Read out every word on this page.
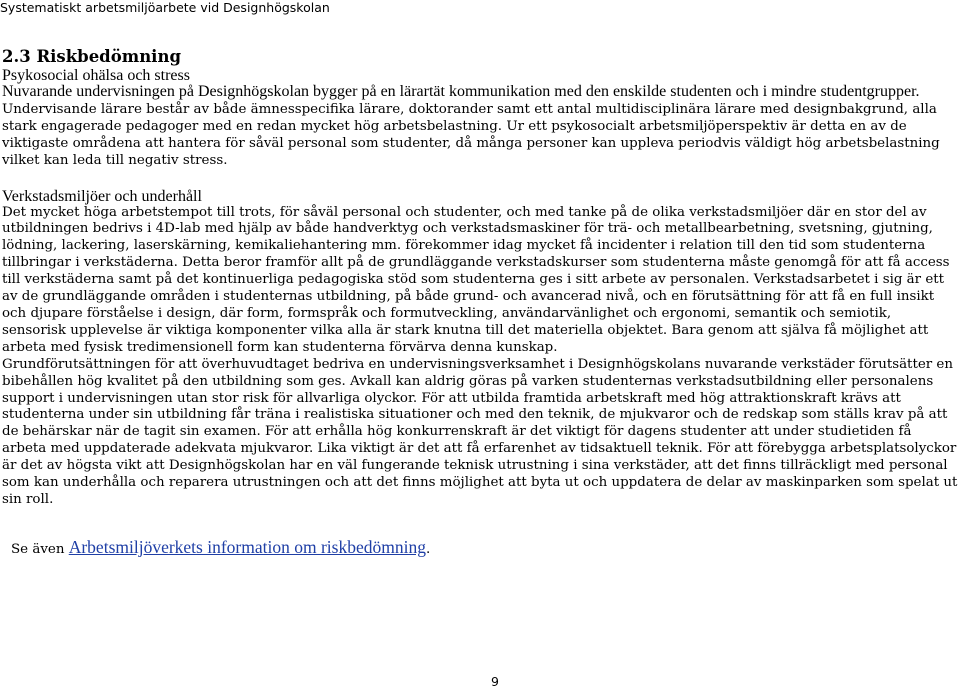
Systematiskt arbetsmiljöarbete vid Designhögskolan
2.3 Riskbedömning

Psykosocial ohälsa och stress

Nuvarande undervisningen på Designhögskolan bygger på en lärartät kommunikation med den enskilde studenten och i mindre studentgrupper. Undervisande lärare består av både ämnesspecifika lärare, doktorander samt ett antal multidisciplinära lärare med designbakgrund, alla stark engagerade pedagoger med en redan mycket hög arbetsbelastning. Ur ett psykosocialt arbetsmiljöperspektiv är detta en av de viktigaste områdena att hantera för såväl personal som studenter, då många personer kan uppleva periodvis väldigt hög arbetsbelastning vilket kan leda till negativ stress.

Verkstadsmiljöer och underhåll

Det mycket höga arbetstempot till trots, för såväl personal och studenter, och med tanke på de olika verkstadsmiljöer där en stor del av utbildningen bedrivs i 4D-lab med hjälp av både handverktyg och verkstadsmaskiner för trä- och metallbearbetning, svetsning, gjutning, lödning, lackering, laserskärning, kemikaliehantering mm. förekommer idag mycket få incidenter i relation till den tid som studenterna tillbringar i verkstäderna. Detta beror framför allt på de grundläggande verkstadskurser som studenterna måste genomgå för att få access till verkstäderna samt på det kontinuerliga pedagogiska stöd som studenterna ges i sitt arbete av personalen. Verkstadsarbetet i sig är ett av de grundläggande områden i studenternas utbildning, på både grund- och avancerad nivå, och en förutsättning för att få en full insikt och djupare förståelse i design, där form, formspråk och formutveckling, användarvänlighet och ergonomi, semantik och semiotik, sensorisk upplevelse är viktiga komponenter vilka alla är stark knutna till det materiella objektet. Bara genom att själva få möjlighet att arbeta med fysisk tredimensionell form kan studenterna förvärva denna kunskap.

Grundförutsättningen för att överhuvudtaget bedriva en undervisningsverksamhet i Designhögskolans nuvarande verkstäder förutsätter en bibehållen hög kvalitet på den utbildning som ges. Avkall kan aldrig göras på varken studenternas verkstadsutbildning eller personalens support i undervisningen utan stor risk för allvarliga olyckor. För att utbilda framtida arbetskraft med hög attraktionskraft krävs att studenterna under sin utbildning får träna i realistiska situationer och med den teknik, de mjukvaror och de redskap som ställs krav på att de behärskar när de tagit sin examen. För att erhålla hög konkurrenskraft är det viktigt för dagens studenter att under studietiden få arbeta med uppdaterade adekvata mjukvaror. Lika viktigt är det att få erfarenhet av tidsaktuell teknik. För att förebygga arbetsplatsolyckor är det av högsta vikt att Designhögskolan har en väl fungerande teknisk utrustning i sina verkstäder, att det finns tillräckligt med personal som kan underhålla och reparera utrustningen och att det finns möjlighet att byta ut och uppdatera de delar av maskinparken som spelat ut sin roll.

Se även Arbetsmiljöverkets information om riskbedömning.
9
